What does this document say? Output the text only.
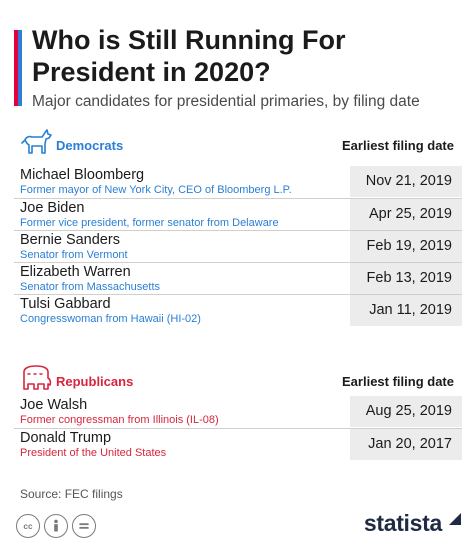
Who is Still Running For President in 2020?
Major candidates for presidential primaries, by filing date
Democrats	Earliest filing date
Michael Bloomberg
Former mayor of New York City, CEO of Bloomberg L.P.
Nov 21, 2019
Joe Biden
Former vice president, former senator from Delaware
Apr 25, 2019
Bernie Sanders
Senator from Vermont
Feb 19, 2019
Elizabeth Warren
Senator from Massachusetts
Feb 13, 2019
Tulsi Gabbard
Congresswoman from Hawaii (HI-02)
Jan 11, 2019
Republicans	Earliest filing date
Joe Walsh
Former congressman from Illinois (IL-08)
Aug 25, 2019
Donald Trump
President of the United States
Jan 20, 2017
Source: FEC filings
cc	statista
